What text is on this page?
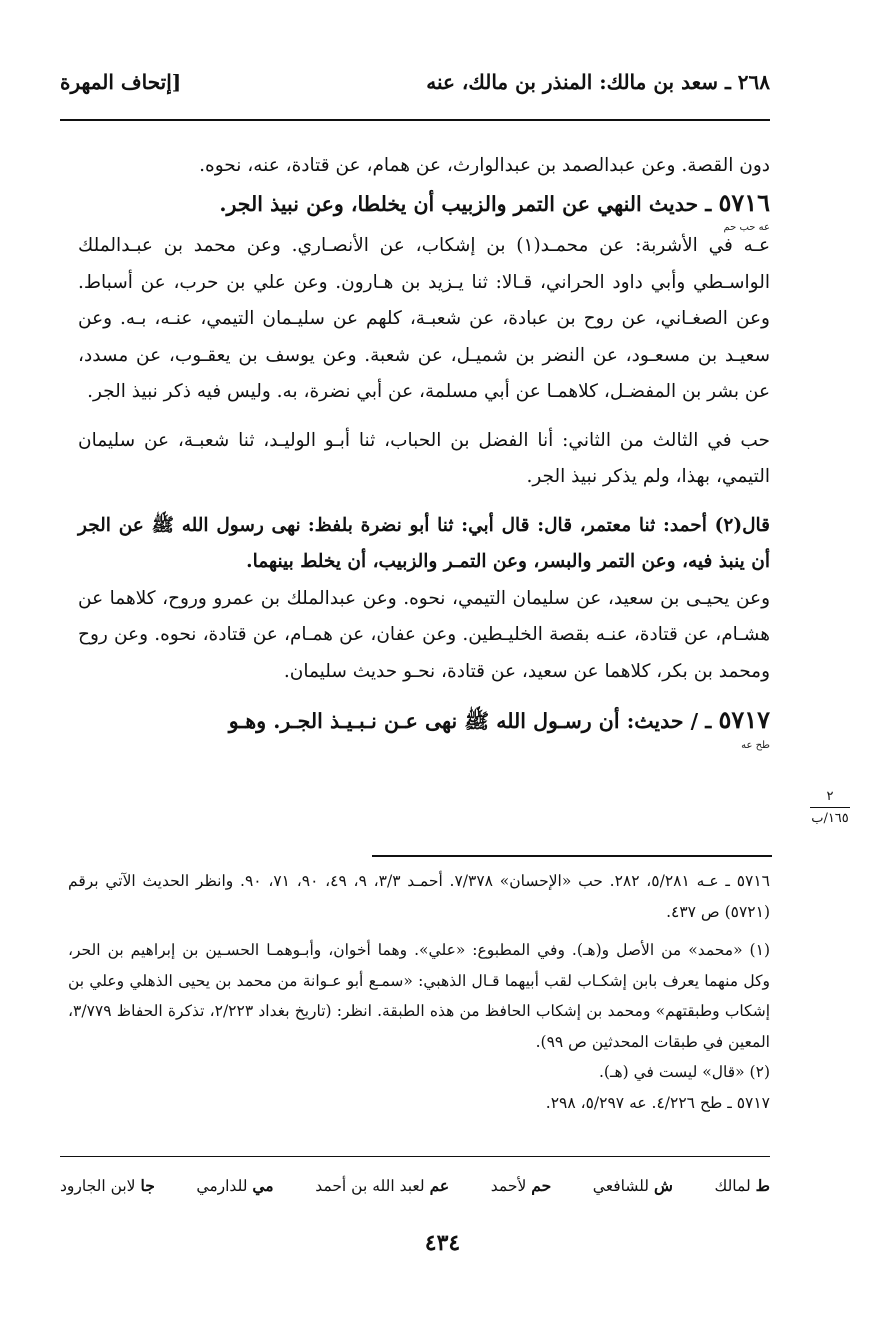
٢٦٨ ـ سعد بن مالك: المنذر بن مالك، عنه
[إتحاف المهرة

دون القصة. وعن عبدالصمد بن عبدالوارث، عن همام، عن قتادة، عنه، نحوه.

٥٧١٦ ـ حديث النهي عن التمر والزبيب أن يخلطا، وعن نبيذ الجر.

عه حب حم

عـه في الأشربة: عن محمـد(١) بن إشكاب، عن الأنصـاري. وعن محمد بن عبـدالملك الواسـطي وأبي داود الحراني، قـالا: ثنا يـزيد بن هـارون. وعن علي بن حرب، عن أسباط. وعن الصغـاني، عن روح بن عبادة، عن شعبـة، كلهم عن سليـمان التيمي، عنـه، بـه. وعن سعيـد بن مسعـود، عن النضر بن شميـل، عن شعبة. وعن يوسف بن يعقـوب، عن مسدد، عن بشر بن المفضـل، كلاهمـا عن أبي مسلمة، عن أبي نضرة، به. وليس فيه ذكر نبيذ الجر.

حب في الثالث من الثاني: أنا الفضل بن الحباب، ثنا أبـو الوليـد، ثنا شعبـة، عن سليمان التيمي، بهذا، ولم يذكر نبيذ الجر.

قال(٢) أحمد: ثنا معتمر، قال: قال أبي: ثنا أبو نضرة بلفظ: نهى رسول الله ﷺ عن الجر أن ينبذ فيه، وعن التمر والبسر، وعن التمـر والزبيب، أن يخلط بينهما.

وعن يحيـى بن سعيد، عن سليمان التيمي، نحوه. وعن عبدالملك بن عمرو وروح، كلاهما عن هشـام، عن قتادة، عنـه بقصة الخليـطين. وعن عفان، عن همـام، عن قتادة، نحوه. وعن روح ومحمد بن بكر، كلاهما عن سعيد، عن قتادة، نحـو حديث سليمان.

٥٧١٧ ـ / حديث: أن رسـول الله ﷺ نهى عـن نـبـيـذ الجـر. وهـو

طح عه
٢
١٦٥/ب

٥٧١٦ ـ عـه ٥/٢٨١، ٢٨٢. حب «الإحسان» ٧/٣٧٨. أحمـد ٣/٣، ٩، ٤٩، ٩٠، ٧١، ٩٠. وانظر الحديث الآتي برقم (٥٧٢١) ص ٤٣٧.

(١) «محمد» من الأصل و(هـ). وفي المطبوع: «علي». وهما أخوان، وأبـوهمـا الحسـين بن إبراهيم بن الحر، وكل منهما يعرف بابن إشكـاب لقب أبيهما قـال الذهبي: «سمـع أبو عـوانة من محمد بن يحيى الذهلي وعلي بن إشكاب وطبقتهم» ومحمد بن إشكاب الحافظ من هذه الطبقة. انظر: (تاريخ بغداد ٢/٢٢٣، تذكرة الحفاظ ٣/٧٧٩، المعين في طبقات المحدثين ص ٩٩).

(٢) «قال» ليست في (هـ).

٥٧١٧ ـ طح ٤/٢٢٦. عه ٥/٢٩٧، ٢٩٨.

ط لمالك
ش للشافعي
حم لأحمد
عم لعبد الله بن أحمد
مي للدارمي
جا لابن الجارود
٤٣٤
